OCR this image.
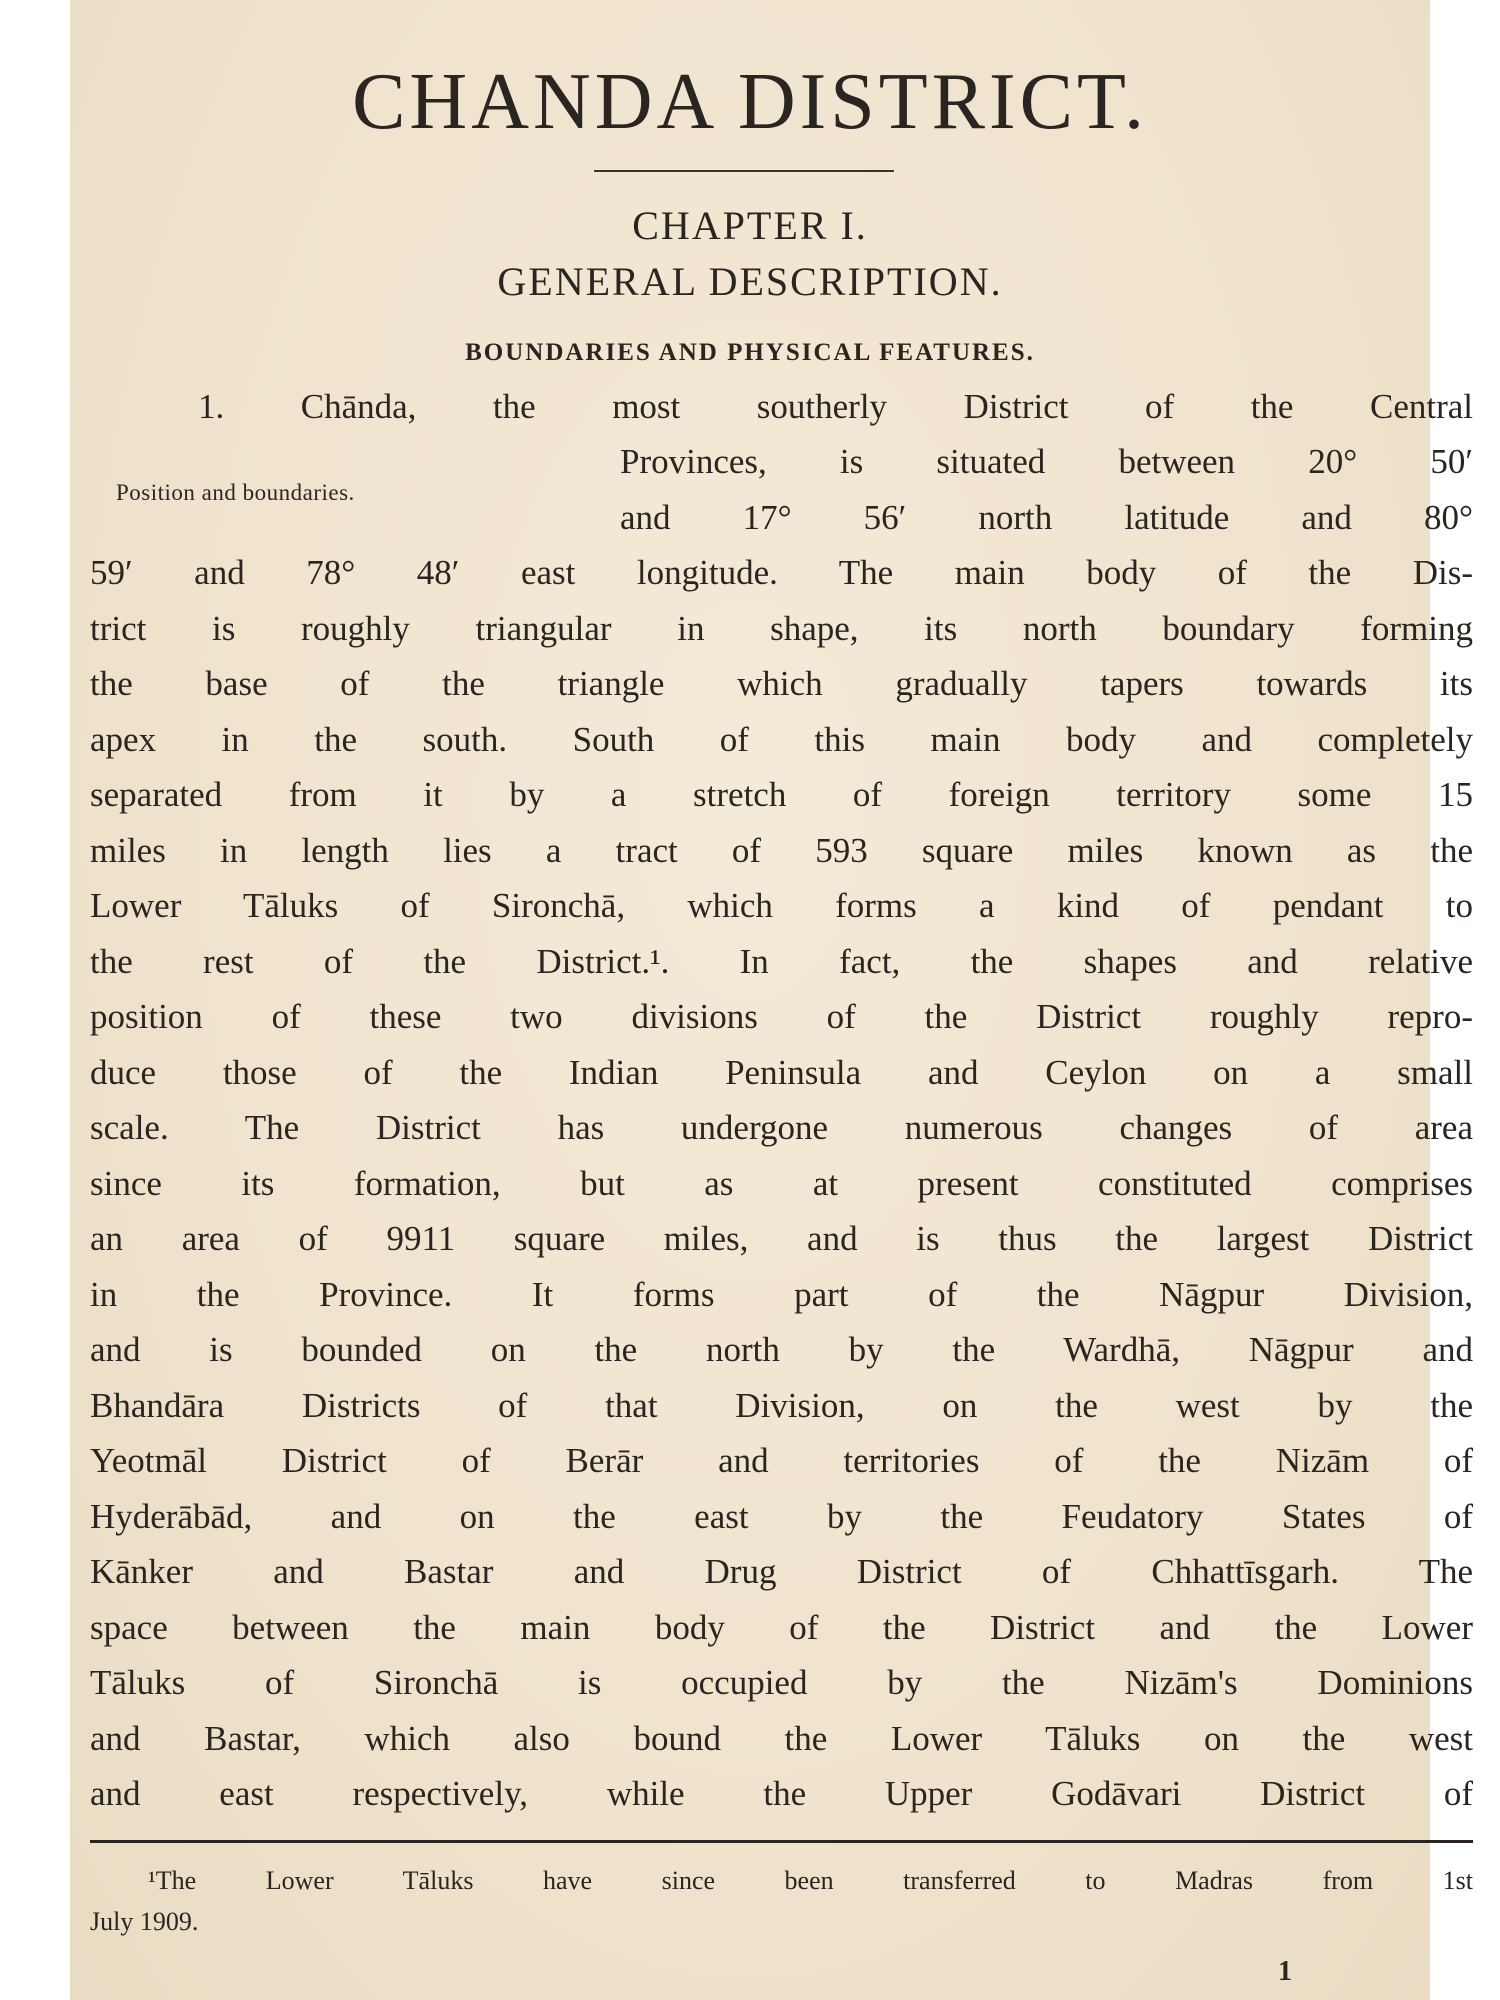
CHANDA DISTRICT.
CHAPTER I.
GENERAL DESCRIPTION.
BOUNDARIES AND PHYSICAL FEATURES.
Position and boundaries.
1. Chānda, the most southerly District of the Central
Provinces, is situated between 20° 50′
and 17° 56′ north latitude and 80°
59′ and 78° 48′ east longitude. The main body of the Dis-
trict is roughly triangular in shape, its north boundary forming
the base of the triangle which gradually tapers towards its
apex in the south. South of this main body and completely
separated from it by a stretch of foreign territory some 15
miles in length lies a tract of 593 square miles known as the
Lower Tāluks of Sironchā, which forms a kind of pendant to
the rest of the District.¹. In fact, the shapes and relative
position of these two divisions of the District roughly repro-
duce those of the Indian Peninsula and Ceylon on a small
scale. The District has undergone numerous changes of area
since its formation, but as at present constituted comprises
an area of 9911 square miles, and is thus the largest District
in the Province. It forms part of the Nāgpur Division,
and is bounded on the north by the Wardhā, Nāgpur and
Bhandāra Districts of that Division, on the west by the
Yeotmāl District of Berār and territories of the Nizām of
Hyderābād, and on the east by the Feudatory States of
Kānker and Bastar and Drug District of Chhattīsgarh. The
space between the main body of the District and the Lower
Tāluks of Sironchā is occupied by the Nizām's Dominions
and Bastar, which also bound the Lower Tāluks on the west
and east respectively, while the Upper Godāvari District of
¹The Lower Tāluks have since been transferred to Madras from 1st
July 1909.
1
